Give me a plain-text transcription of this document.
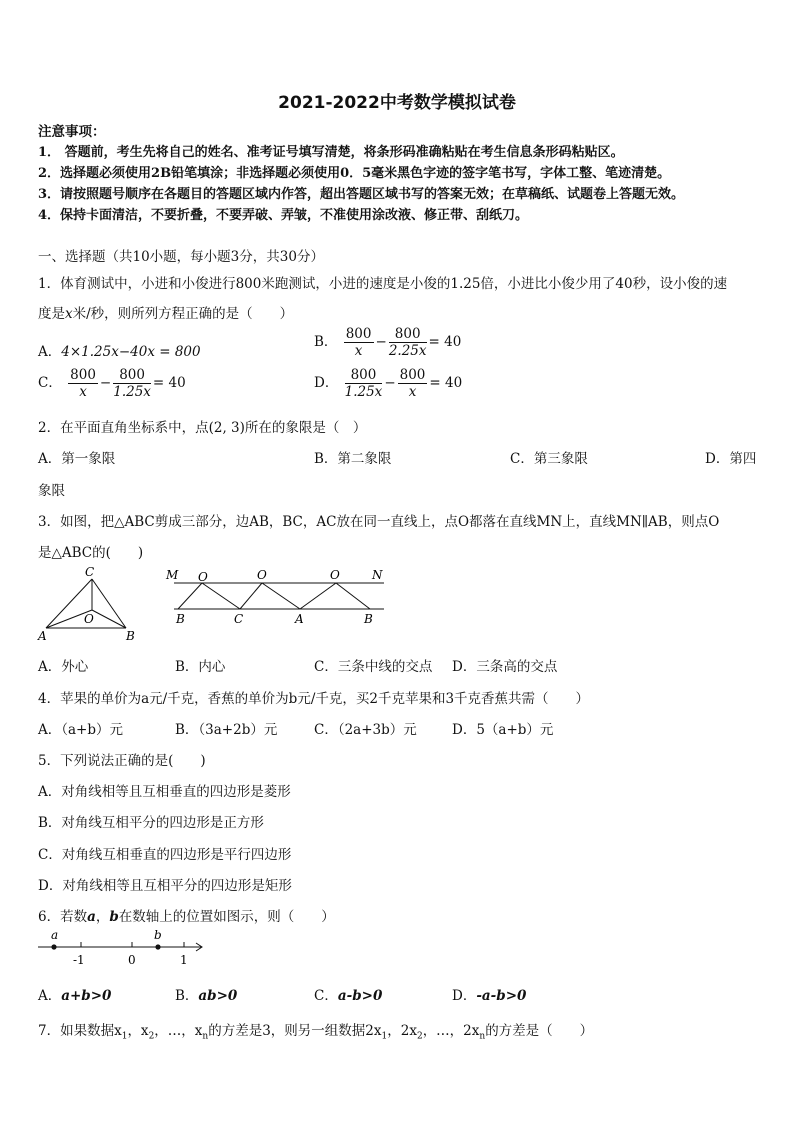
2021-2022中考数学模拟试卷
注意事项：
1． 答题前，考生先将自己的姓名、准考证号填写清楚，将条形码准确粘贴在考生信息条形码粘贴区。
2．选择题必须使用2B铅笔填涂；非选择题必须使用0．5毫米黑色字迹的签字笔书写，字体工整、笔迹清楚。
3．请按照题号顺序在各题目的答题区域内作答，超出答题区域书写的答案无效；在草稿纸、试题卷上答题无效。
4．保持卡面清洁，不要折叠，不要弄破、弄皱，不准使用涂改液、修正带、刮纸刀。
一、选择题（共10小题，每小题3分，共30分）
1．体育测试中，小进和小俊进行800米跑测试，小进的速度是小俊的1.25倍，小进比小俊少用了40秒，设小俊的速
度是x米/秒，则所列方程正确的是（　　）
A．4×1.25x−40x = 800
B． $\frac{800}{x} - \frac{800}{2.25x} = 40$
C． $\frac{800}{x} - \frac{800}{1.25x} = 40$	D． $\frac{800}{1.25x} - \frac{800}{x} = 40$
2．在平面直角坐标系中，点(2, 3)所在的象限是（　）
A．第一象限	B．第二象限	C．第三象限	D．第四
象限
3．如图，把△ABC剪成三部分，边AB，BC，AC放在同一直线上，点O都落在直线MN上，直线MN∥AB，则点O
是△ABC的(　　)
C
O
A	B
M O	O	O	N
B	C	A	B
A．外心	B．内心	C．三条中线的交点 D．三条高的交点
4．苹果的单价为a元/千克，香蕉的单价为b元/千克，买2千克苹果和3千克香蕉共需（　　）
A．（a+b）元	B．（3a+2b）元	C．（2a+3b）元	D．5（a+b）元
5．下列说法正确的是(　　)
A．对角线相等且互相垂直的四边形是菱形
B．对角线互相平分的四边形是正方形
C．对角线互相垂直的四边形是平行四边形
D．对角线相等且互相平分的四边形是矩形
6．若数a，b在数轴上的位置如图示，则（　　）
a	b
-1	0	1
A．a+b>0	B．ab>0	C．a-b>0	D．-a-b>0
7．如果数据$x_1$，$x_2$，…，$x_n$的方差是3，则另一组数据$2x_1$，$2x_2$，…，$2x_n$的方差是（　　）
